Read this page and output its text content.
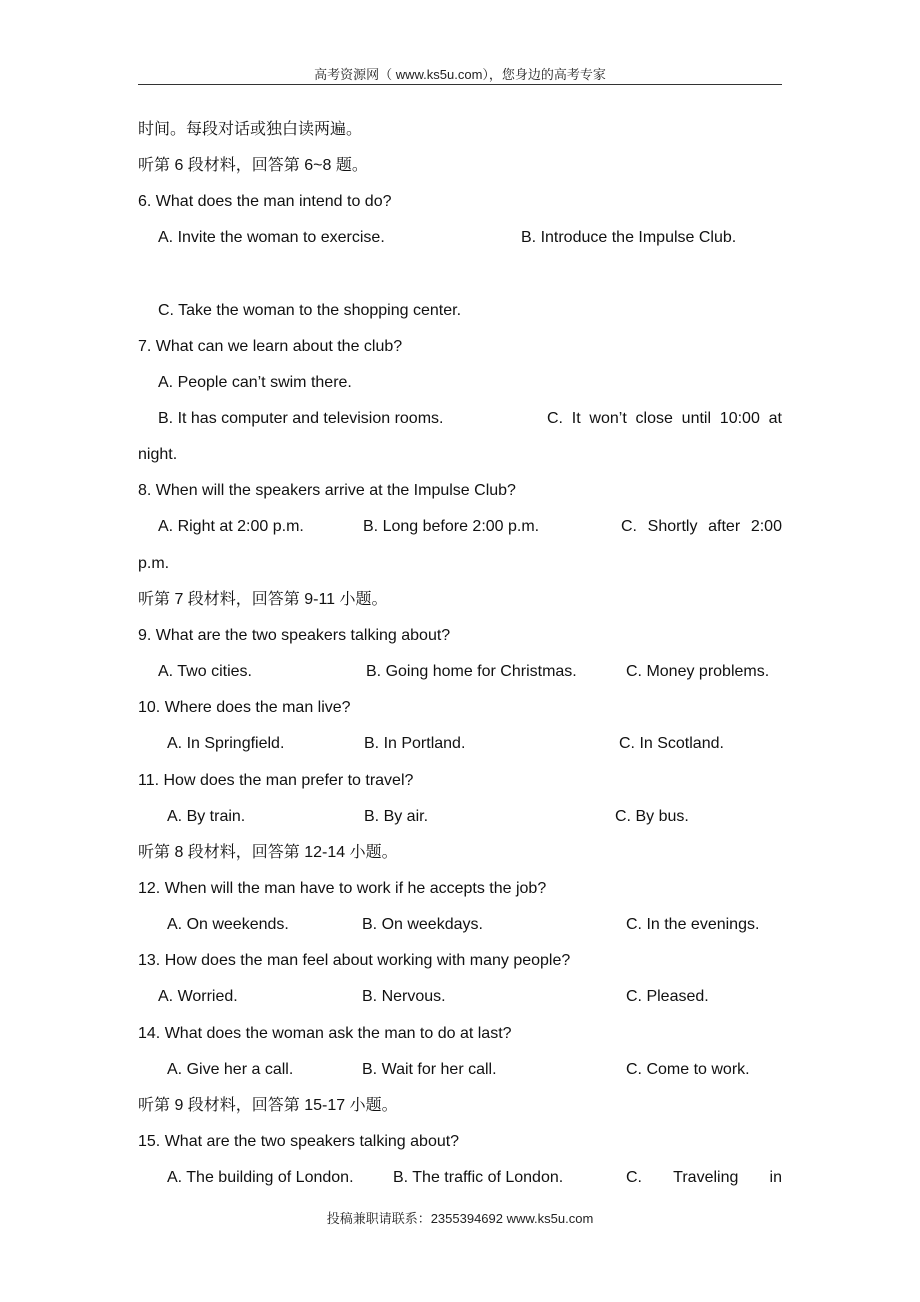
高考资源网（ www.ks5u.com），您身边的高考专家
时间。每段对话或独白读两遍。
听第 6 段材料，回答第 6~8 题。
6. What does the man intend to do?
A. Invite the woman to exercise.	B. Introduce the Impulse Club.
C. Take the woman to the shopping center.
7. What can we learn about the club?
A. People can’t swim there.
B. It has computer and television rooms.	C. It won’t close until 10:00 at
night.
8. When will the speakers arrive at the Impulse Club?
A. Right at 2:00 p.m.	B. Long before 2:00 p.m.	C. Shortly after 2:00
p.m.
听第 7 段材料，回答第 9-11 小题。
9. What are the two speakers talking about?
A. Two cities.	B. Going home for Christmas.	C. Money problems.
10. Where does the man live?
A. In Springfield.	B. In Portland.	C. In Scotland.
11. How does the man prefer to travel?
A. By train.	B. By air.	C. By bus.
听第 8 段材料，回答第 12-14 小题。
12. When will the man have to work if he accepts the job?
A. On weekends.	B. On weekdays.	C. In the evenings.
13. How does the man feel about working with many people?
A. Worried.	B. Nervous.	C. Pleased.
14. What does the woman ask the man to do at last?
A. Give her a call.	B. Wait for her call.	C. Come to work.
听第 9 段材料，回答第 15-17 小题。
15. What are the two speakers talking about?
A. The building of London. B. The traffic of London.	C. Traveling in
投稿兼职请联系：2355394692 www.ks5u.com
